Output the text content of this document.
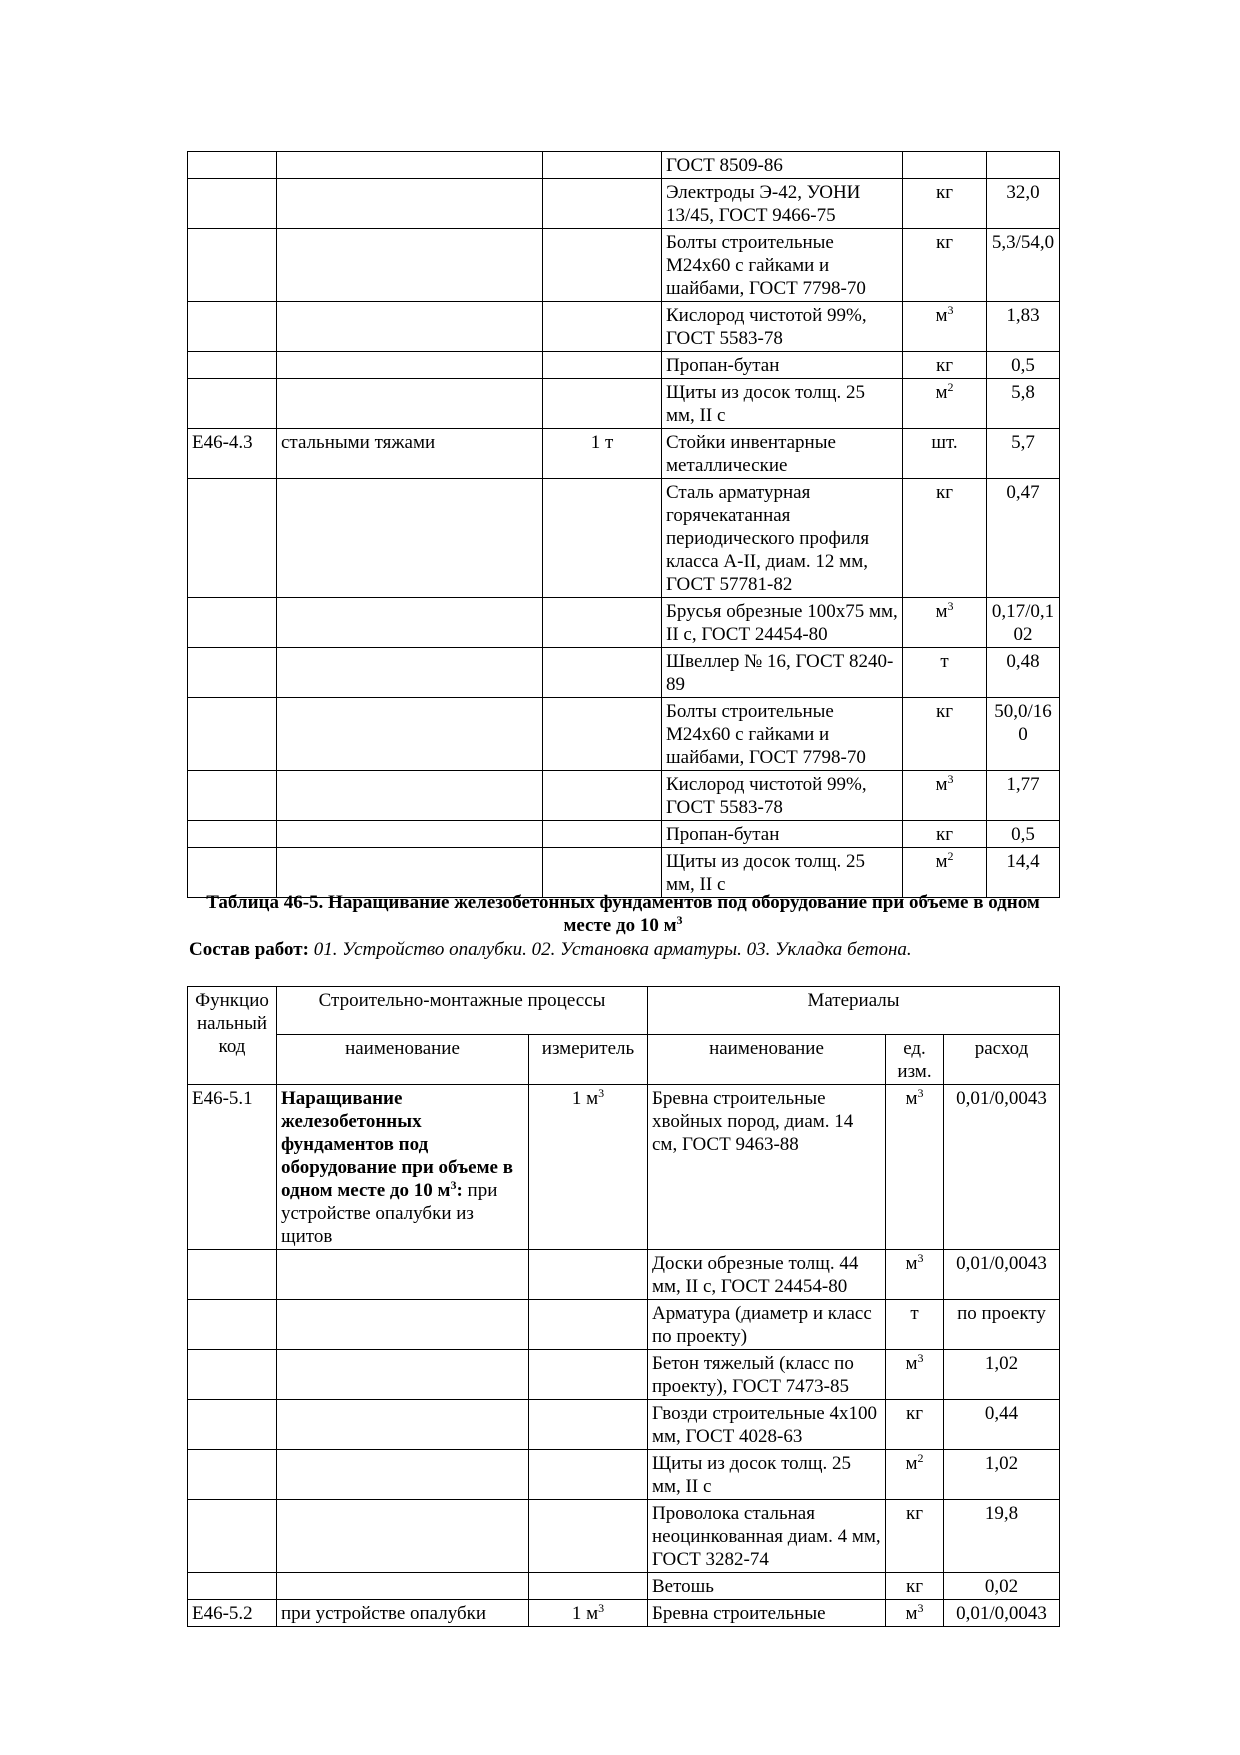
			ГОСТ 8509-86		
			Электроды Э-42, УОНИ 13/45, ГОСТ 9466-75	кг	32,0
			Болты строительные М24х60 с гайками и шайбами, ГОСТ 7798-70	кг	5,3/54,0
			Кислород чистотой 99%, ГОСТ 5583-78	$м^3$	1,83
			Пропан-бутан	кг	0,5
			Щиты из досок толщ. 25 мм, II с	$м^2$	5,8
Е46-4.3	стальными тяжами	1 т	Стойки инвентарные металлические	шт.	5,7
			Сталь арматурная горячекатанная периодического профиля класса А-II, диам. 12 мм, ГОСТ 57781-82	кг	0,47
			Брусья обрезные 100х75 мм, II с, ГОСТ 24454-80	$м^3$	0,17/0,102
			Швеллер № 16, ГОСТ 8240-89	т	0,48
			Болты строительные М24х60 с гайками и шайбами, ГОСТ 7798-70	кг	50,0/160
			Кислород чистотой 99%, ГОСТ 5583-78	$м^3$	1,77
			Пропан-бутан	кг	0,5
			Щиты из досок толщ. 25 мм, II с	$м^2$	14,4
Таблица 46-5. Наращивание железобетонных фундаментов под оборудование при объеме в одном месте до 10 $м^3$
Состав работ: 01. Устройство опалубки. 02. Установка арматуры. 03. Укладка бетона.
Функциональный код	Строительно-монтажные процессы		Материалы		
	наименование	измеритель	наименование	ед. изм.	расход
Е46-5.1	Наращивание железобетонных фундаментов под оборудование при объеме в одном месте до 10 $м^3$: при устройстве опалубки из щитов	1 $м^3$	Бревна строительные хвойных пород, диам. 14 см, ГОСТ 9463-88	$м^3$	0,01/0,0043
			Доски обрезные толщ. 44 мм, II с, ГОСТ 24454-80	$м^3$	0,01/0,0043
			Арматура (диаметр и класс по проекту)	т	по проекту
			Бетон тяжелый (класс по проекту), ГОСТ 7473-85	$м^3$	1,02
			Гвозди строительные 4х100 мм, ГОСТ 4028-63	кг	0,44
			Щиты из досок толщ. 25 мм, II с	$м^2$	1,02
			Проволока стальная неоцинкованная диам. 4 мм, ГОСТ 3282-74	кг	19,8
			Ветошь	кг	0,02
Е46-5.2	при устройстве опалубки	1 $м^3$	Бревна строительные	$м^3$	0,01/0,0043
